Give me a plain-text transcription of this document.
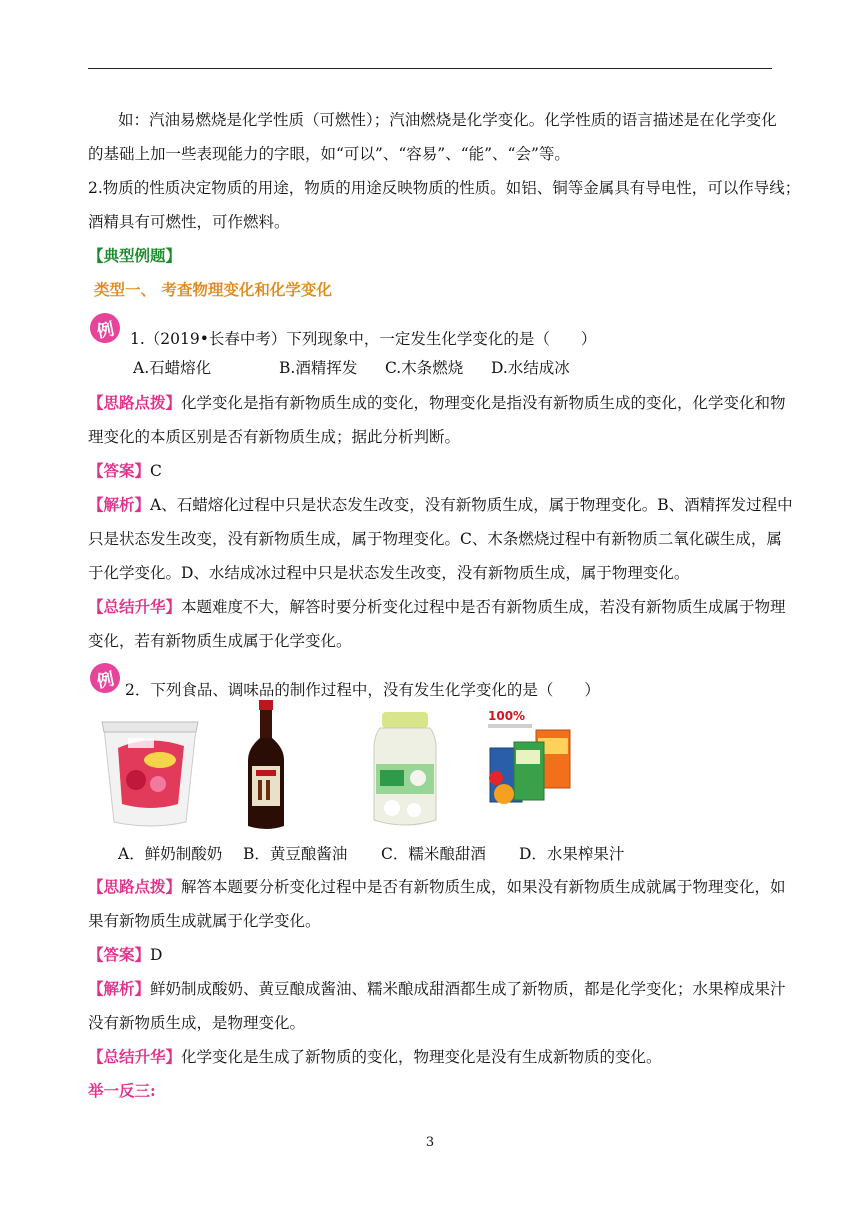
如：汽油易燃烧是化学性质（可燃性）；汽油燃烧是化学变化。化学性质的语言描述是在化学变化
的基础上加一些表现能力的字眼，如“可以”、“容易”、“能”、“会”等。
2.物质的性质决定物质的用途，物质的用途反映物质的性质。如铝、铜等金属具有导电性，可以作导线；
酒精具有可燃性，可作燃料。
【典型例题】
类型一、 考查物理变化和化学变化
例 1.（2019•长春中考）下列现象中，一定发生化学变化的是（　　）
A.石蜡熔化	B.酒精挥发 C.木条燃烧 D.水结成冰
【思路点拨】化学变化是指有新物质生成的变化，物理变化是指没有新物质生成的变化，化学变化和物
理变化的本质区别是否有新物质生成；据此分析判断。
【答案】C
【解析】A、石蜡熔化过程中只是状态发生改变，没有新物质生成，属于物理变化。B、酒精挥发过程中
只是状态发生改变，没有新物质生成，属于物理变化。C、木条燃烧过程中有新物质二氧化碳生成，属
于化学变化。D、水结成冰过程中只是状态发生改变，没有新物质生成，属于物理变化。
【总结升华】本题难度不大，解答时要分析变化过程中是否有新物质生成，若没有新物质生成属于物理
变化，若有新物质生成属于化学变化。
例 2．下列食品、调味品的制作过程中，没有发生化学变化的是（　　）
100%
A．鲜奶制酸奶 B．黄豆酿酱油 C．糯米酿甜酒 D．水果榨果汁
【思路点拨】解答本题要分析变化过程中是否有新物质生成，如果没有新物质生成就属于物理变化，如
果有新物质生成就属于化学变化。
【答案】D
【解析】鲜奶制成酸奶、黄豆酿成酱油、糯米酿成甜酒都生成了新物质，都是化学变化；水果榨成果汁
没有新物质生成，是物理变化。
【总结升华】化学变化是生成了新物质的变化，物理变化是没有生成新物质的变化。
举一反三:
3
